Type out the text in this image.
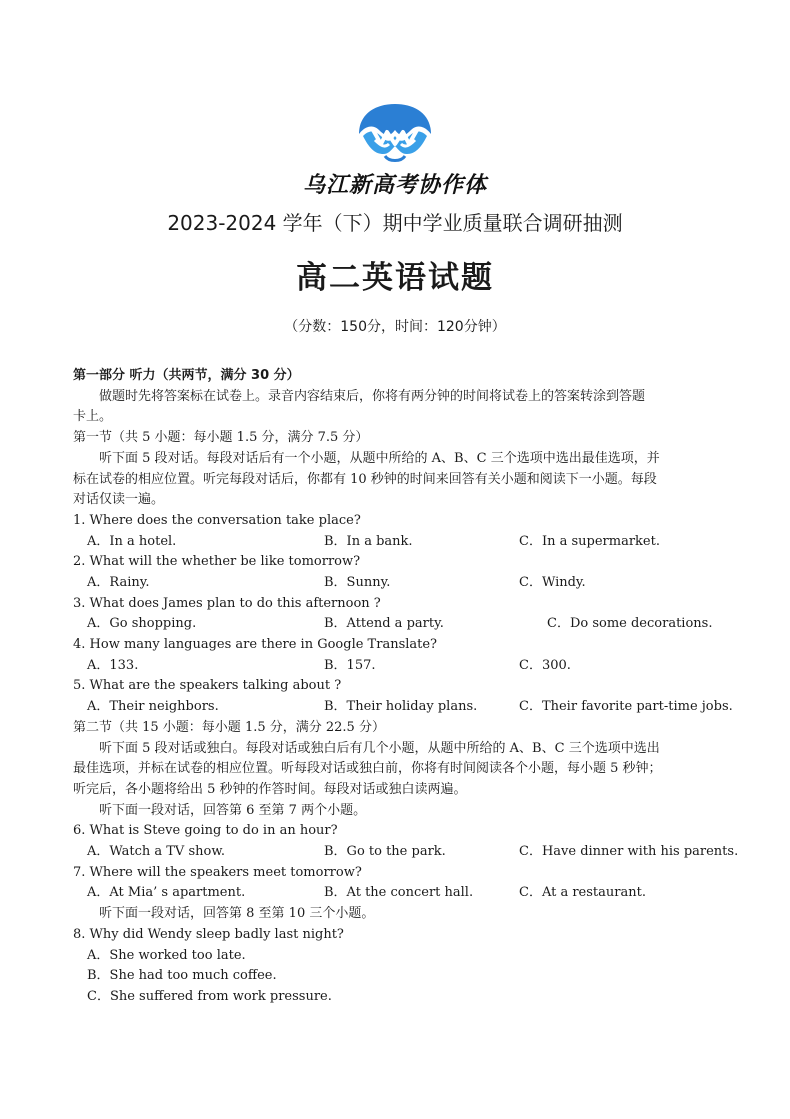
乌江新高考协作体
2023-2024 学年（下）期中学业质量联合调研抽测
高二英语试题
（分数：150分，时间：120分钟）
第一部分 听力（共两节，满分 30 分）
做题时先将答案标在试卷上。录音内容结束后，你将有两分钟的时间将试卷上的答案转涂到答题
卡上。
第一节（共 5 小题：每小题 1.5 分，满分 7.5 分）
听下面 5 段对话。每段对话后有一个小题，从题中所给的 A、B、C 三个选项中选出最佳选项，并
标在试卷的相应位置。听完每段对话后，你都有 10 秒钟的时间来回答有关小题和阅读下一小题。每段
对话仅读一遍。
1. Where does the conversation take place?
A．In a hotel.	B．In a bank.	C．In a supermarket.
2. What will the whether be like tomorrow?
A．Rainy.	B．Sunny.	C．Windy.
3. What does James plan to do this afternoon ?
A．Go shopping.	B．Attend a party.	C．Do some decorations.
4. How many languages are there in Google Translate?
A．133.	B．157.	C．300.
5. What are the speakers talking about ?
A．Their neighbors.	B．Their holiday plans.	C．Their favorite part-time jobs.
第二节（共 15 小题：每小题 1.5 分，满分 22.5 分）
听下面 5 段对话或独白。每段对话或独白后有几个小题，从题中所给的 A、B、C 三个选项中选出
最佳选项，并标在试卷的相应位置。听每段对话或独白前，你将有时间阅读各个小题，每小题 5 秒钟；
听完后，各小题将给出 5 秒钟的作答时间。每段对话或独白读两遍。
听下面一段对话，回答第 6 至第 7 两个小题。
6. What is Steve going to do in an hour?
A．Watch a TV show.	B．Go to the park.	C．Have dinner with his parents.
7. Where will the speakers meet tomorrow?
A．At Mia’ s apartment.	B．At the concert hall.	C．At a restaurant.
听下面一段对话，回答第 8 至第 10 三个小题。
8. Why did Wendy sleep badly last night?
A．She worked too late.
B．She had too much coffee.
C．She suffered from work pressure.
